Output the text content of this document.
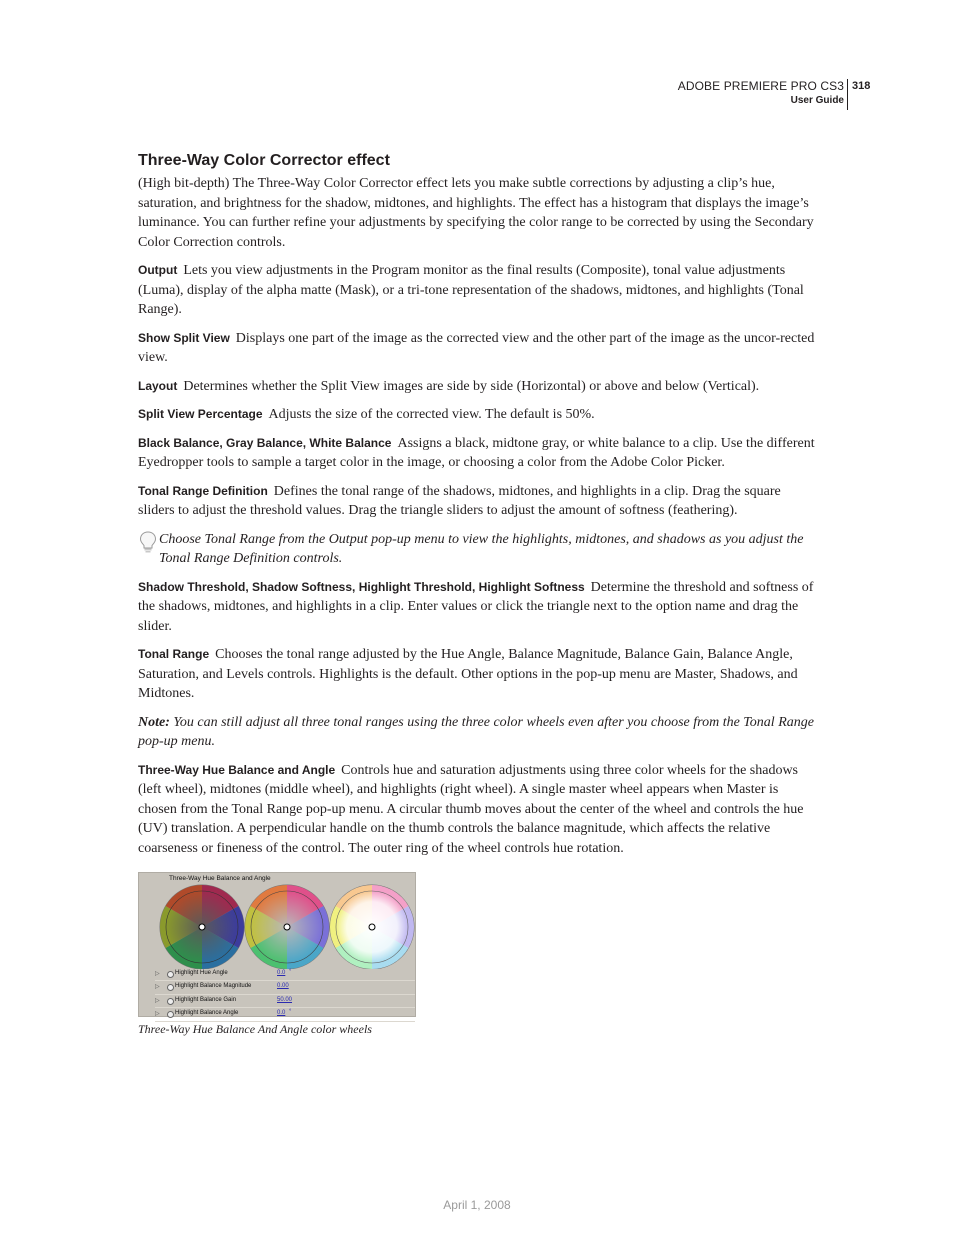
ADOBE PREMIERE PRO CS3
User Guide
318
Three-Way Color Corrector effect

(High bit-depth) The Three-Way Color Corrector effect lets you make subtle corrections by adjusting a clip’s hue, saturation, and brightness for the shadow, midtones, and highlights. The effect has a histogram that displays the image’s luminance. You can further refine your adjustments by specifying the color range to be corrected by using the Secondary Color Correction controls.

Output Lets you view adjustments in the Program monitor as the final results (Composite), tonal value adjustments (Luma), display of the alpha matte (Mask), or a tri-tone representation of the shadows, midtones, and highlights (Tonal Range).

Show Split View Displays one part of the image as the corrected view and the other part of the image as the uncor-rected view.

Layout Determines whether the Split View images are side by side (Horizontal) or above and below (Vertical).

Split View Percentage Adjusts the size of the corrected view. The default is 50%.

Black Balance, Gray Balance, White Balance Assigns a black, midtone gray, or white balance to a clip. Use the different Eyedropper tools to sample a target color in the image, or choosing a color from the Adobe Color Picker.

Tonal Range Definition Defines the tonal range of the shadows, midtones, and highlights in a clip. Drag the square sliders to adjust the threshold values. Drag the triangle sliders to adjust the amount of softness (feathering).

Choose Tonal Range from the Output pop-up menu to view the highlights, midtones, and shadows as you adjust the Tonal Range Definition controls.

Shadow Threshold, Shadow Softness, Highlight Threshold, Highlight Softness Determine the threshold and softness of the shadows, midtones, and highlights in a clip. Enter values or click the triangle next to the option name and drag the slider.

Tonal Range Chooses the tonal range adjusted by the Hue Angle, Balance Magnitude, Balance Gain, Balance Angle, Saturation, and Levels controls. Highlights is the default. Other options in the pop-up menu are Master, Shadows, and Midtones.

Note: You can still adjust all three tonal ranges using the three color wheels even after you choose from the Tonal Range pop-up menu.

Three-Way Hue Balance and Angle Controls hue and saturation adjustments using three color wheels for the shadows (left wheel), midtones (middle wheel), and highlights (right wheel). A single master wheel appears when Master is chosen from the Tonal Range pop-up menu. A circular thumb moves about the center of the wheel and controls the hue (UV) translation. A perpendicular handle on the thumb controls the balance magnitude, which affects the relative coarseness or fineness of the control. The outer ring of the wheel controls hue rotation.

Three-Way Hue Balance and Angle
▷	Highlight Hue Angle	0.0 °
▷	Highlight Balance Magnitude	0.00
▷	Highlight Balance Gain	50.00
▷	Highlight Balance Angle	0.0 °
Three-Way Hue Balance And Angle color wheels
April 1, 2008
